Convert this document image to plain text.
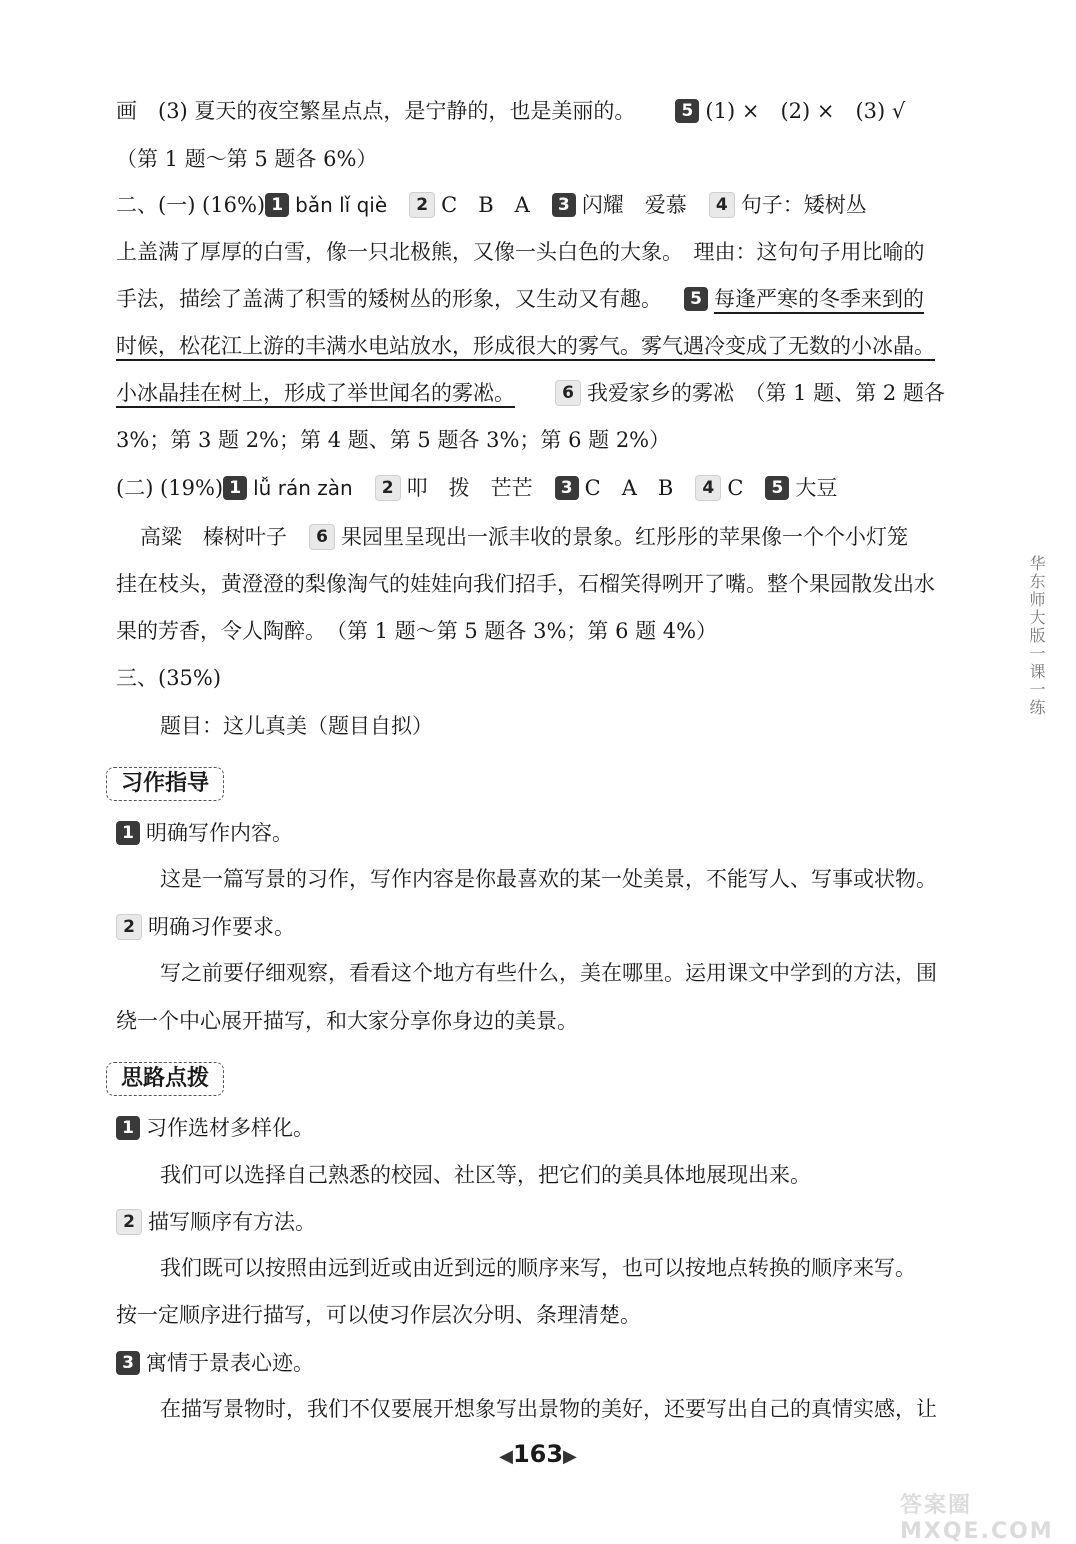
画　(3) 夏天的夜空繁星点点，是宁静的，也是美丽的。	5 (1) ×　(2) ×　(3) √
（第 1 题～第 5 题各 6%）
二、(一) (16%) 1 bǎn lǐ qiè 2 C　B　A 3 闪耀　爱慕 4 句子：矮树丛
上盖满了厚厚的白雪，像一只北极熊，又像一头白色的大象。　理由：这句句子用比喻的
手法，描绘了盖满了积雪的矮树丛的形象，又生动又有趣。 5 每逢严寒的冬季来到的
时候，松花江上游的丰满水电站放水，形成很大的雾气。雾气遇冷变成了无数的小冰晶。
小冰晶挂在树上，形成了举世闻名的雾凇。	6 我爱家乡的雾凇　（第 1 题、第 2 题各
3%；第 3 题 2%；第 4 题、第 5 题各 3%；第 6 题 2%）
(二) (19%) 1 lǚ rán zàn 2 叩　拨　芒芒 3 C　A　B 4 C 5 大豆
高粱　榛树叶子 6 果园里呈现出一派丰收的景象。红彤彤的苹果像一个个小灯笼
挂在枝头，黄澄澄的梨像淘气的娃娃向我们招手，石榴笑得咧开了嘴。整个果园散发出水
果的芳香，令人陶醉。　（第 1 题～第 5 题各 3%；第 6 题 4%）
三、(35%)
题目：这儿真美（题目自拟）
习作指导
1 明确写作内容。
这是一篇写景的习作，写作内容是你最喜欢的某一处美景，不能写人、写事或状物。
2 明确习作要求。
写之前要仔细观察，看看这个地方有些什么，美在哪里。运用课文中学到的方法，围
绕一个中心展开描写，和大家分享你身边的美景。
思路点拨
1 习作选材多样化。
我们可以选择自己熟悉的校园、社区等，把它们的美具体地展现出来。
2 描写顺序有方法。
我们既可以按照由远到近或由近到远的顺序来写，也可以按地点转换的顺序来写。
按一定顺序进行描写，可以使习作层次分明、条理清楚。
3 寓情于景表心迹。
在描写景物时，我们不仅要展开想象写出景物的美好，还要写出自己的真情实感，让
华东师大版一课一练
◀163▶
答案圈 MXQE.COM
